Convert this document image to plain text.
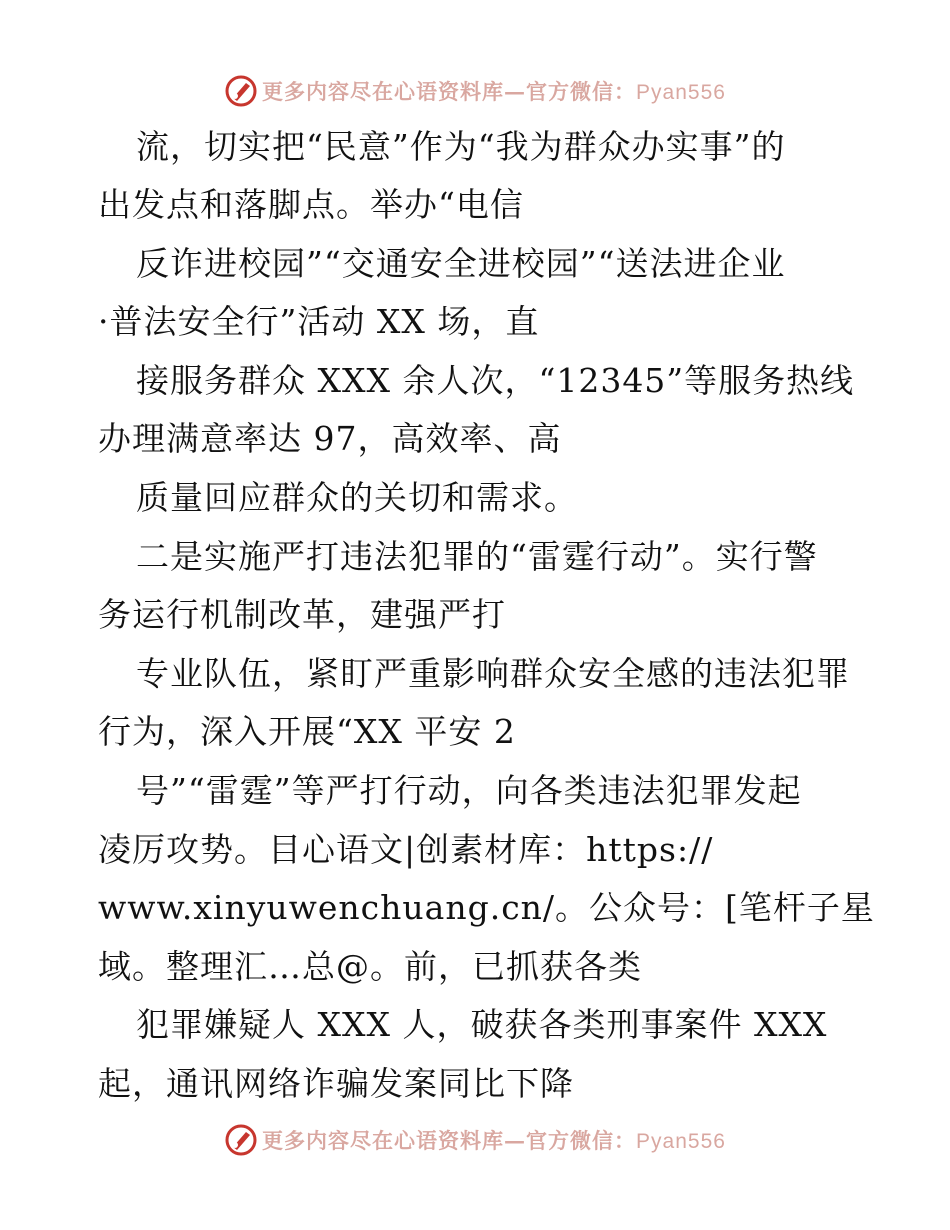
更多内容尽在心语资料库—官方微信：Pyan556
流，切实把“民意”作为“我为群众办实事”的
出发点和落脚点。举办“电信
反诈进校园”“交通安全进校园”“送法进企业
·普法安全行”活动 XX 场，直
接服务群众 XXX 余人次，“12345”等服务热线
办理满意率达 97，高效率、高
质量回应群众的关切和需求。
二是实施严打违法犯罪的“雷霆行动”。实行警
务运行机制改革，建强严打
专业队伍，紧盯严重影响群众安全感的违法犯罪
行为，深入开展“XX 平安 2
号”“雷霆”等严打行动，向各类违法犯罪发起
凌厉攻势。目心语文|创素材库：https://
www.xinyuwenchuang.cn/。公众号：[笔杆子星
域。整理汇…总@。前，已抓获各类
犯罪嫌疑人 XXX 人，破获各类刑事案件 XXX
起，通讯网络诈骗发案同比下降
更多内容尽在心语资料库—官方微信：Pyan556
